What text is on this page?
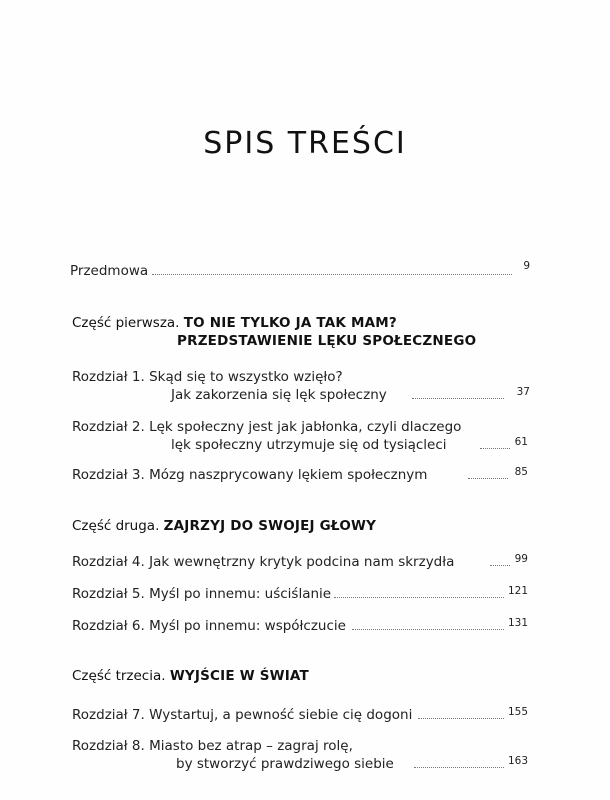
SPIS TREŚCI
Przedmowa	9
Część pierwsza. TO NIE TYLKO JA TAK MAM?
PRZEDSTAWIENIE LĘKU SPOŁECZNEGO
Rozdział 1. Skąd się to wszystko wzięło?
Jak zakorzenia się lęk społeczny	37
Rozdział 2. Lęk społeczny jest jak jabłonka, czyli dlaczego
lęk społeczny utrzymuje się od tysiącleci	61
Rozdział 3. Mózg naszprycowany lękiem społecznym	85
Część druga. ZAJRZYJ DO SWOJEJ GŁOWY
Rozdział 4. Jak wewnętrzny krytyk podcina nam skrzydła	99
Rozdział 5. Myśl po innemu: uściślanie	121
Rozdział 6. Myśl po innemu: współczucie	131
Część trzecia. WYJŚCIE W ŚWIAT
Rozdział 7. Wystartuj, a pewność siebie cię dogoni	155
Rozdział 8. Miasto bez atrap – zagraj rolę,
by stworzyć prawdziwego siebie	163
